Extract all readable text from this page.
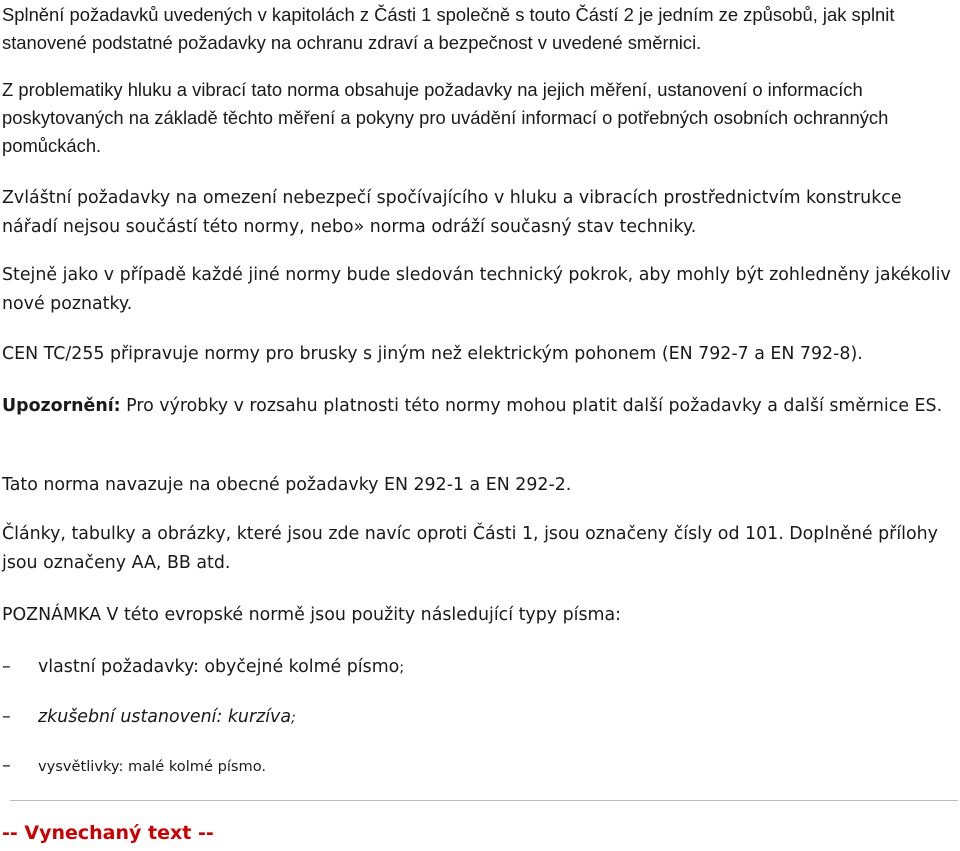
Splnění požadavků uvedených v kapitolách z Části 1 společně s touto Částí 2 je jedním ze způsobů, jak splnit stanovené podstatné požadavky na ochranu zdraví a bezpečnost v uvedené směrnici.

Z problematiky hluku a vibrací tato norma obsahuje požadavky na jejich měření, ustanovení o informacích poskytovaných na základě těchto měření a pokyny pro uvádění informací o potřebných osobních ochranných pomůckách.

Zvláštní požadavky na omezení nebezpečí spočívajícího v hluku a vibracích prostřednictvím konstrukce nářadí nejsou součástí této normy, nebo» norma odráží současný stav techniky.

Stejně jako v případě každé jiné normy bude sledován technický pokrok, aby mohly být zohledněny jakékoliv nové poznatky.

CEN TC/255 připravuje normy pro brusky s jiným než elektrickým pohonem (EN 792-7 a EN 792-8).

Upozornění: Pro výrobky v rozsahu platnosti této normy mohou platit další požadavky a další směrnice ES.

Tato norma navazuje na obecné požadavky EN 292-1 a EN 292-2.

Články, tabulky a obrázky, které jsou zde navíc oproti Části 1, jsou označeny čísly od 101. Doplněné přílohy jsou označeny AA, BB atd.

POZNÁMKA V této evropské normě jsou použity následující typy písma:

– vlastní požadavky: obyčejné kolmé písmo;
– zkušební ustanovení: kurzíva;
– vysvětlivky: malé kolmé písmo.
-- Vynechaný text --
